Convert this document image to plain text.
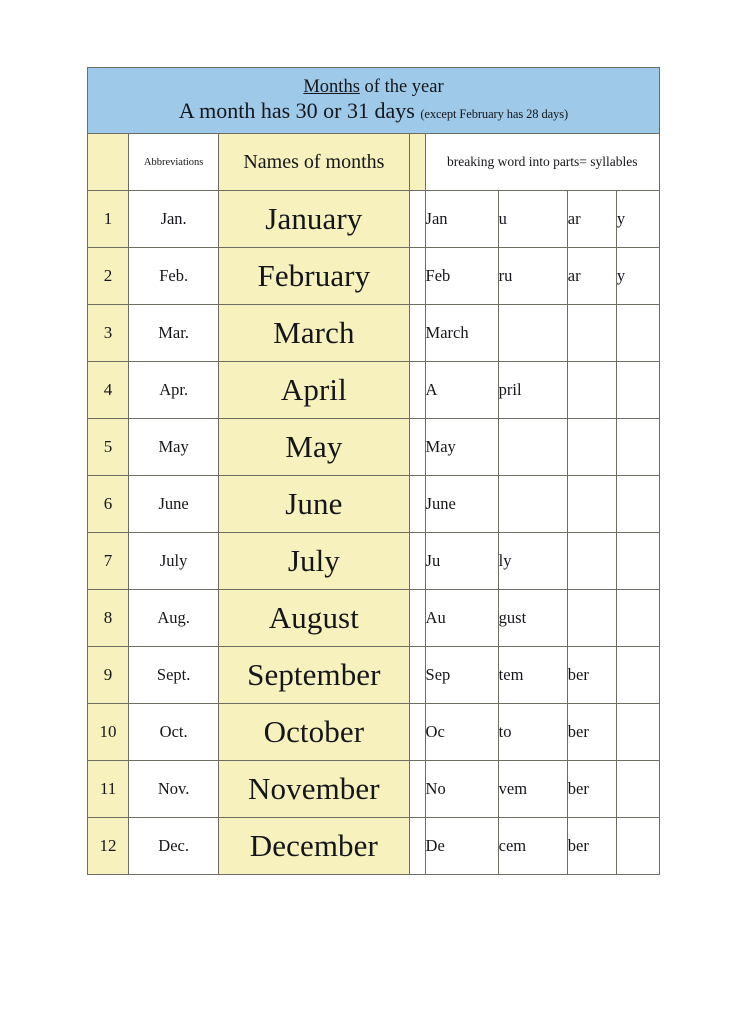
Months of the year
A month has 30 or 31 days (except February has 28 days)							

	Abbreviations	Names of months		breaking word into parts= syllables			
1	Jan.	January		Jan	u	ar	y
2	Feb.	February		Feb	ru	ar	y
3	Mar.	March		March			
4	Apr.	April		A	pril		
5	May	May		May			
6	June	June		June			
7	July	July		Ju	ly		
8	Aug.	August		Au	gust		
9	Sept.	September		Sep	tem	ber	
10	Oct.	October		Oc	to	ber	
11	Nov.	November		No	vem	ber	
12	Dec.	December		De	cem	ber	
